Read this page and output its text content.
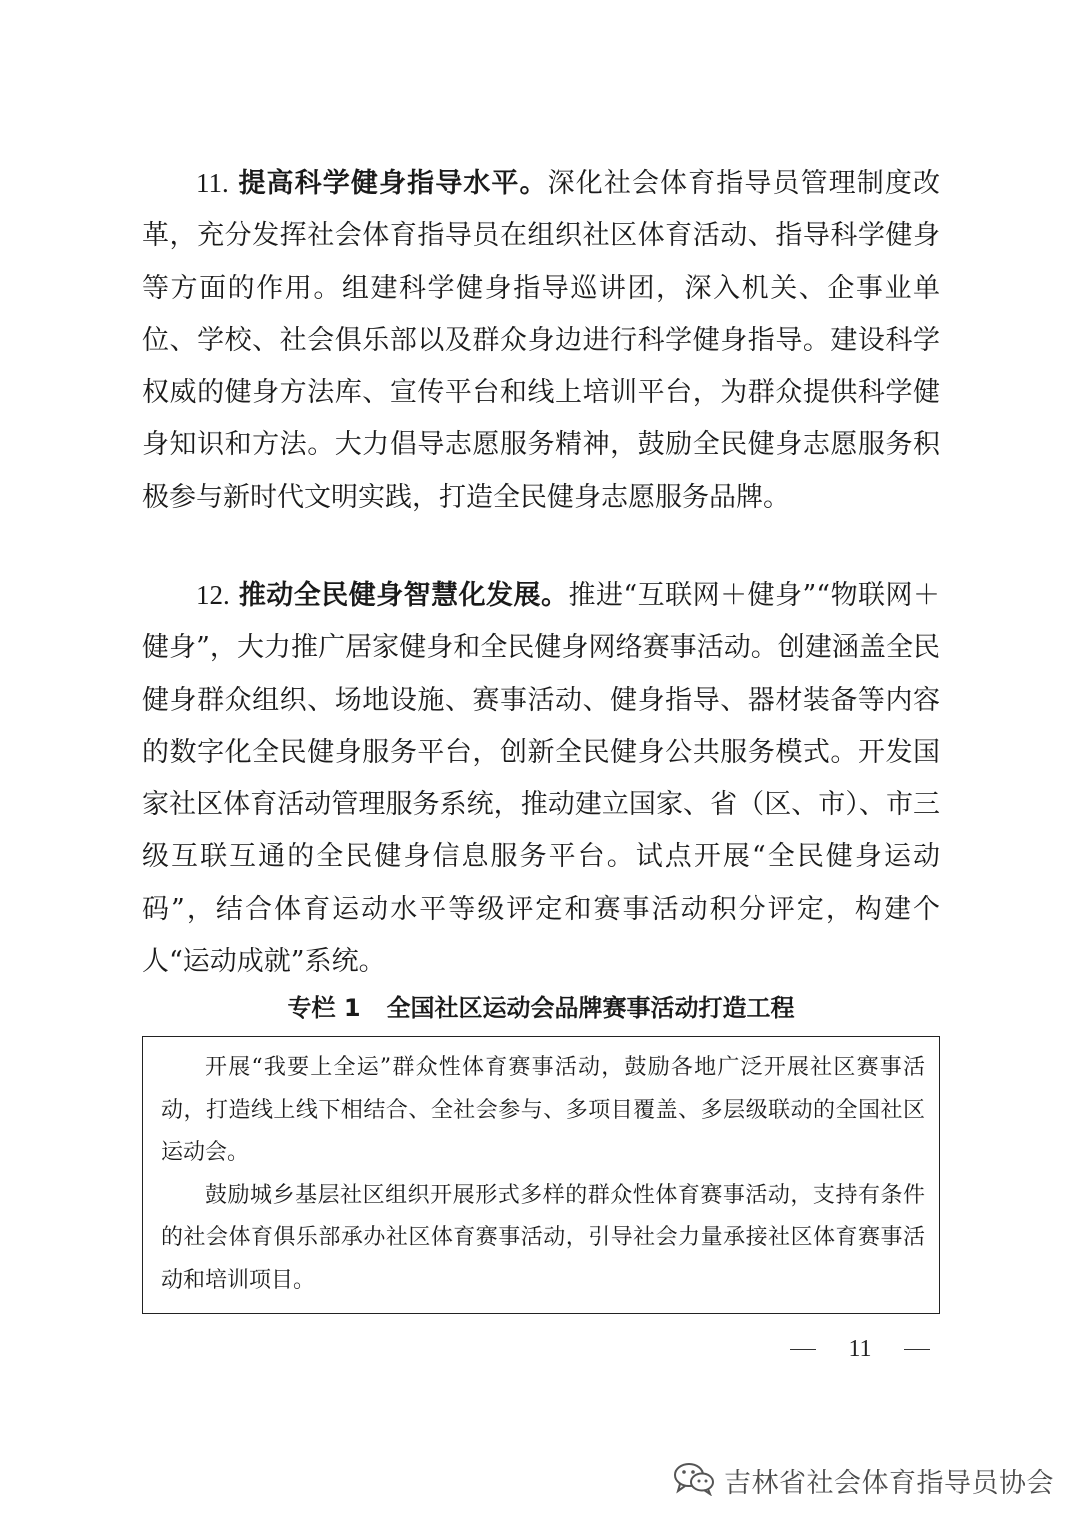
11. 提高科学健身指导水平。深化社会体育指导员管理制度改革，充分发挥社会体育指导员在组织社区体育活动、指导科学健身等方面的作用。组建科学健身指导巡讲团，深入机关、企事业单位、学校、社会俱乐部以及群众身边进行科学健身指导。建设科学权威的健身方法库、宣传平台和线上培训平台，为群众提供科学健身知识和方法。大力倡导志愿服务精神，鼓励全民健身志愿服务积极参与新时代文明实践，打造全民健身志愿服务品牌。

12. 推动全民健身智慧化发展。推进“互联网＋健身”“物联网＋健身”，大力推广居家健身和全民健身网络赛事活动。创建涵盖全民健身群众组织、场地设施、赛事活动、健身指导、器材装备等内容的数字化全民健身服务平台，创新全民健身公共服务模式。开发国家社区体育活动管理服务系统，推动建立国家、省（区、市）、市三级互联互通的全民健身信息服务平台。试点开展“全民健身运动码”，结合体育运动水平等级评定和赛事活动积分评定，构建个人“运动成就”系统。

专栏 1 全国社区运动会品牌赛事活动打造工程

开展“我要上全运”群众性体育赛事活动，鼓励各地广泛开展社区赛事活动，打造线上线下相结合、全社会参与、多项目覆盖、多层级联动的全国社区运动会。

鼓励城乡基层社区组织开展形式多样的群众性体育赛事活动，支持有条件的社会体育俱乐部承办社区体育赛事活动，引导社会力量承接社区体育赛事活动和培训项目。

11
吉林省社会体育指导员协会
